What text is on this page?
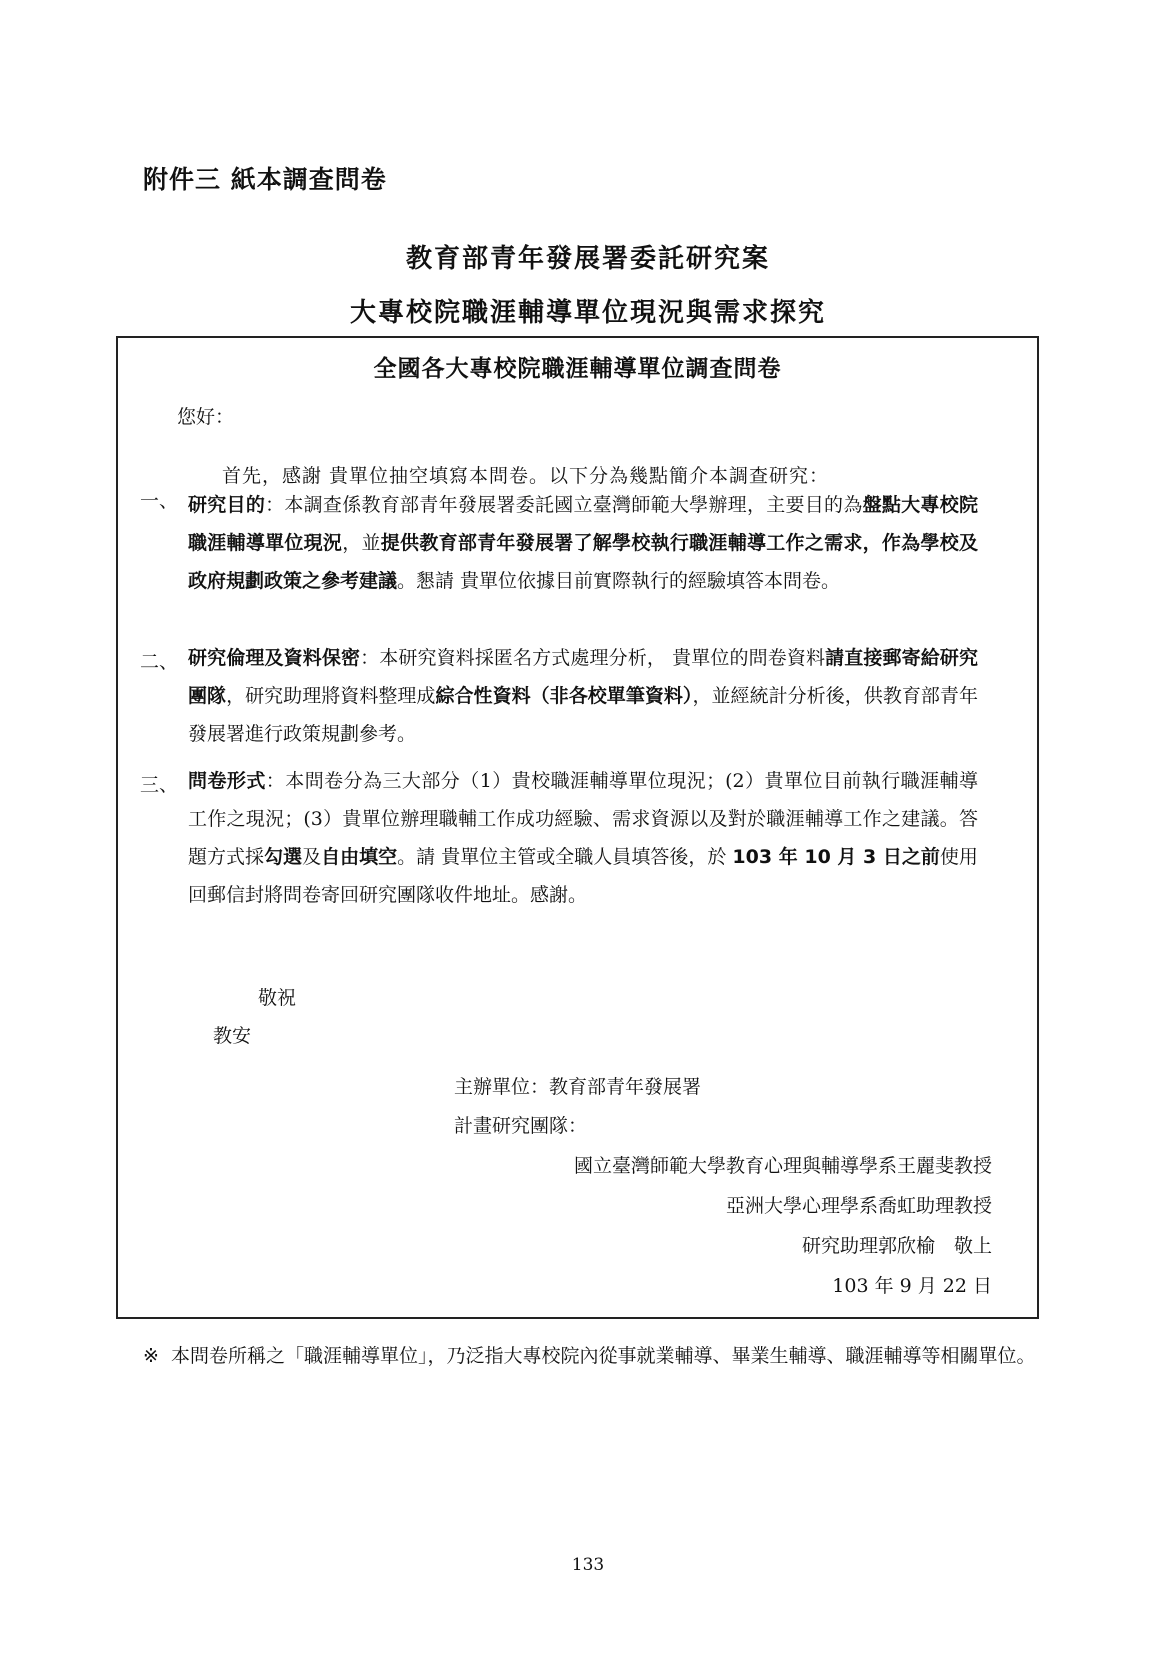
附件三 紙本調查問卷
教育部青年發展署委託研究案
大專校院職涯輔導單位現況與需求探究
全國各大專校院職涯輔導單位調查問卷
您好：
首先，感謝 貴單位抽空填寫本問卷。以下分為幾點簡介本調查研究：
一、 研究目的：本調查係教育部青年發展署委託國立臺灣師範大學辦理，主要目的為盤點大專校院職涯輔導單位現況，並提供教育部青年發展署了解學校執行職涯輔導工作之需求，作為學校及政府規劃政策之參考建議。懇請 貴單位依據目前實際執行的經驗填答本問卷。
二、 研究倫理及資料保密：本研究資料採匿名方式處理分析， 貴單位的問卷資料請直接郵寄給研究團隊，研究助理將資料整理成綜合性資料（非各校單筆資料），並經統計分析後，供教育部青年發展署進行政策規劃參考。
三、 問卷形式：本問卷分為三大部分（1）貴校職涯輔導單位現況；(2）貴單位目前執行職涯輔導工作之現況；(3）貴單位辦理職輔工作成功經驗、需求資源以及對於職涯輔導工作之建議。答題方式採勾選及自由填空。請 貴單位主管或全職人員填答後，於 103 年 10 月 3 日之前使用回郵信封將問卷寄回研究團隊收件地址。感謝。
敬祝
教安
主辦單位：教育部青年發展署
計畫研究團隊：
國立臺灣師範大學教育心理與輔導學系王麗斐教授
亞洲大學心理學系喬虹助理教授
研究助理郭欣榆　敬上
103 年 9 月 22 日
※ 本問卷所稱之「職涯輔導單位」，乃泛指大專校院內從事就業輔導、畢業生輔導、職涯輔導等相關單位。
133
